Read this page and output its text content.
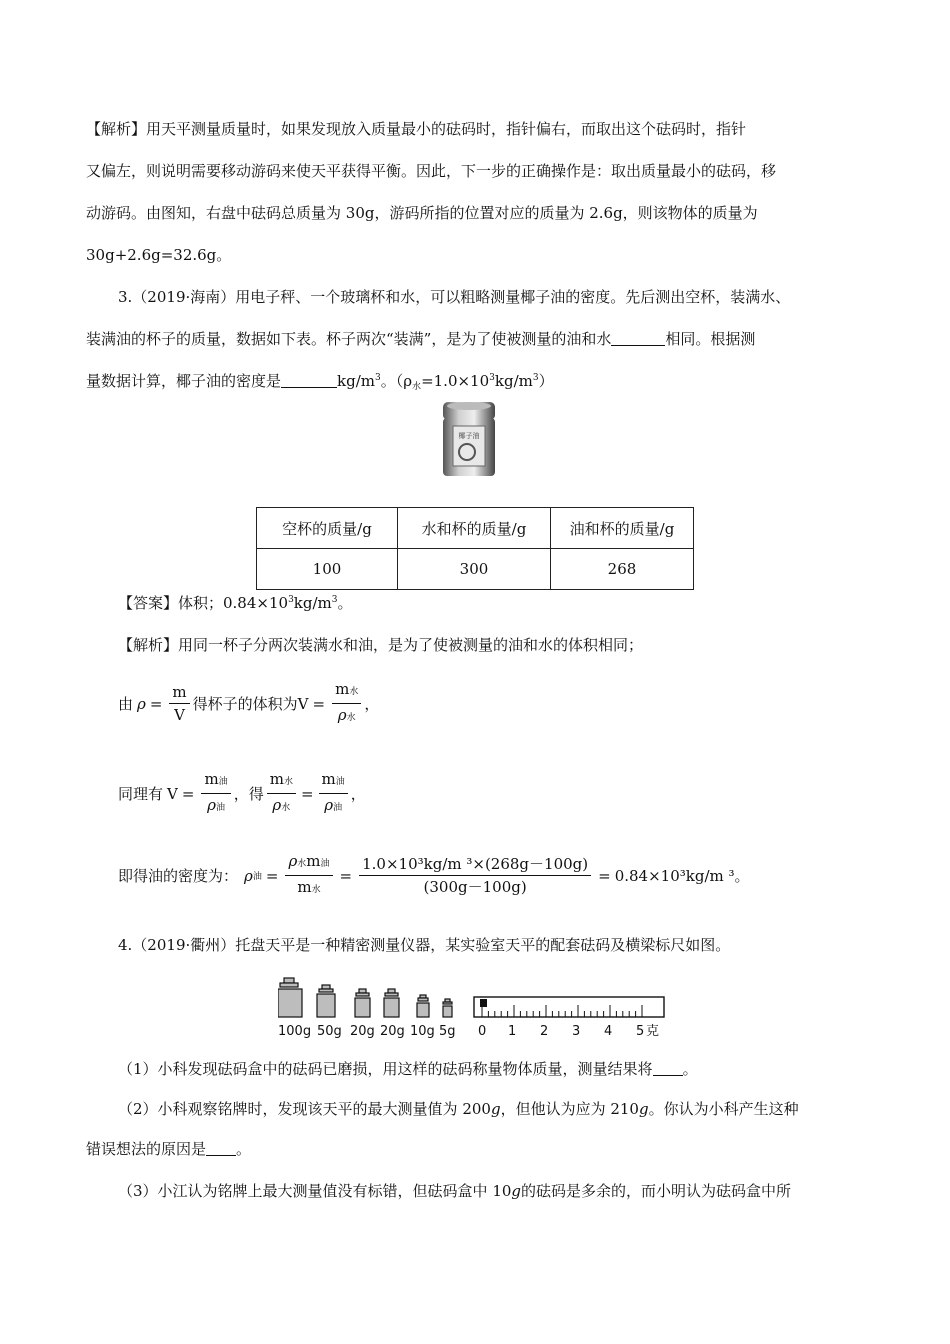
【解析】用天平测量质量时，如果发现放入质量最小的砝码时，指针偏右，而取出这个砝码时，指针
又偏左，则说明需要移动游码来使天平获得平衡。因此，下一步的正确操作是：取出质量最小的砝码，移
动游码。由图知，右盘中砝码总质量为 30g，游码所指的位置对应的质量为 2.6g，则该物体的质量为
30g+2.6g=32.6g。
3.（2019·海南）用电子秤、一个玻璃杯和水，可以粗略测量椰子油的密度。先后测出空杯，装满水、
装满油的杯子的质量，数据如下表。杯子两次“装满”，是为了使被测量的油和水	相同。根据测
量数据计算，椰子油的密度是	$kg/m^3$。$(\rho_水=1.0\times 10^3kg/m^3)$
椰子油
空杯的质量/g	水和杯的质量/g	油和杯的质量/g
100	300	268
【答案】体积；$0.84\times 10^3kg/m^3$。
【解析】用同一杯子分两次装满水和油，是为了使被测量的油和水的体积相同；
由 $\rho = \frac{m}{V}$ 得杯子的体积为 $V = \frac{\text{m水}}{\text{ρ水}}$ ，
同理有 $V = \frac{\text{m油}}{\text{ρ油}}$ ，得 $\frac{\text{m水}}{\text{ρ水}} = \frac{\text{m油}}{\text{ρ油}}$ ，
即得油的密度为： ρ 油 = $\frac{\text{ρ水m油}}{\text{m水}} = \frac{\text{1.0×10³kg/m ³×(268g－100g)}}{(300g-100g)} = 0.84\times 10^3kg/m$ ³ 。
4.（2019·衢州）托盘天平是一种精密测量仪器，某实验室天平的配套砝码及横梁标尺如图。
100g 50g 20g 20g 10g 5g 0 1 2 3 4 5 克
（1）小科发现砝码盒中的砝码已磨损，用这样的砝码称量物体质量，测量结果将 。
（2）小科观察铭牌时，发现该天平的最大测量值为 200g，但他认为应为 210g。你认为小科产生这种
错误想法的原因是 。
（3）小江认为铭牌上最大测量值没有标错，但砝码盒中 10g的砝码是多余的，而小明认为砝码盒中所
